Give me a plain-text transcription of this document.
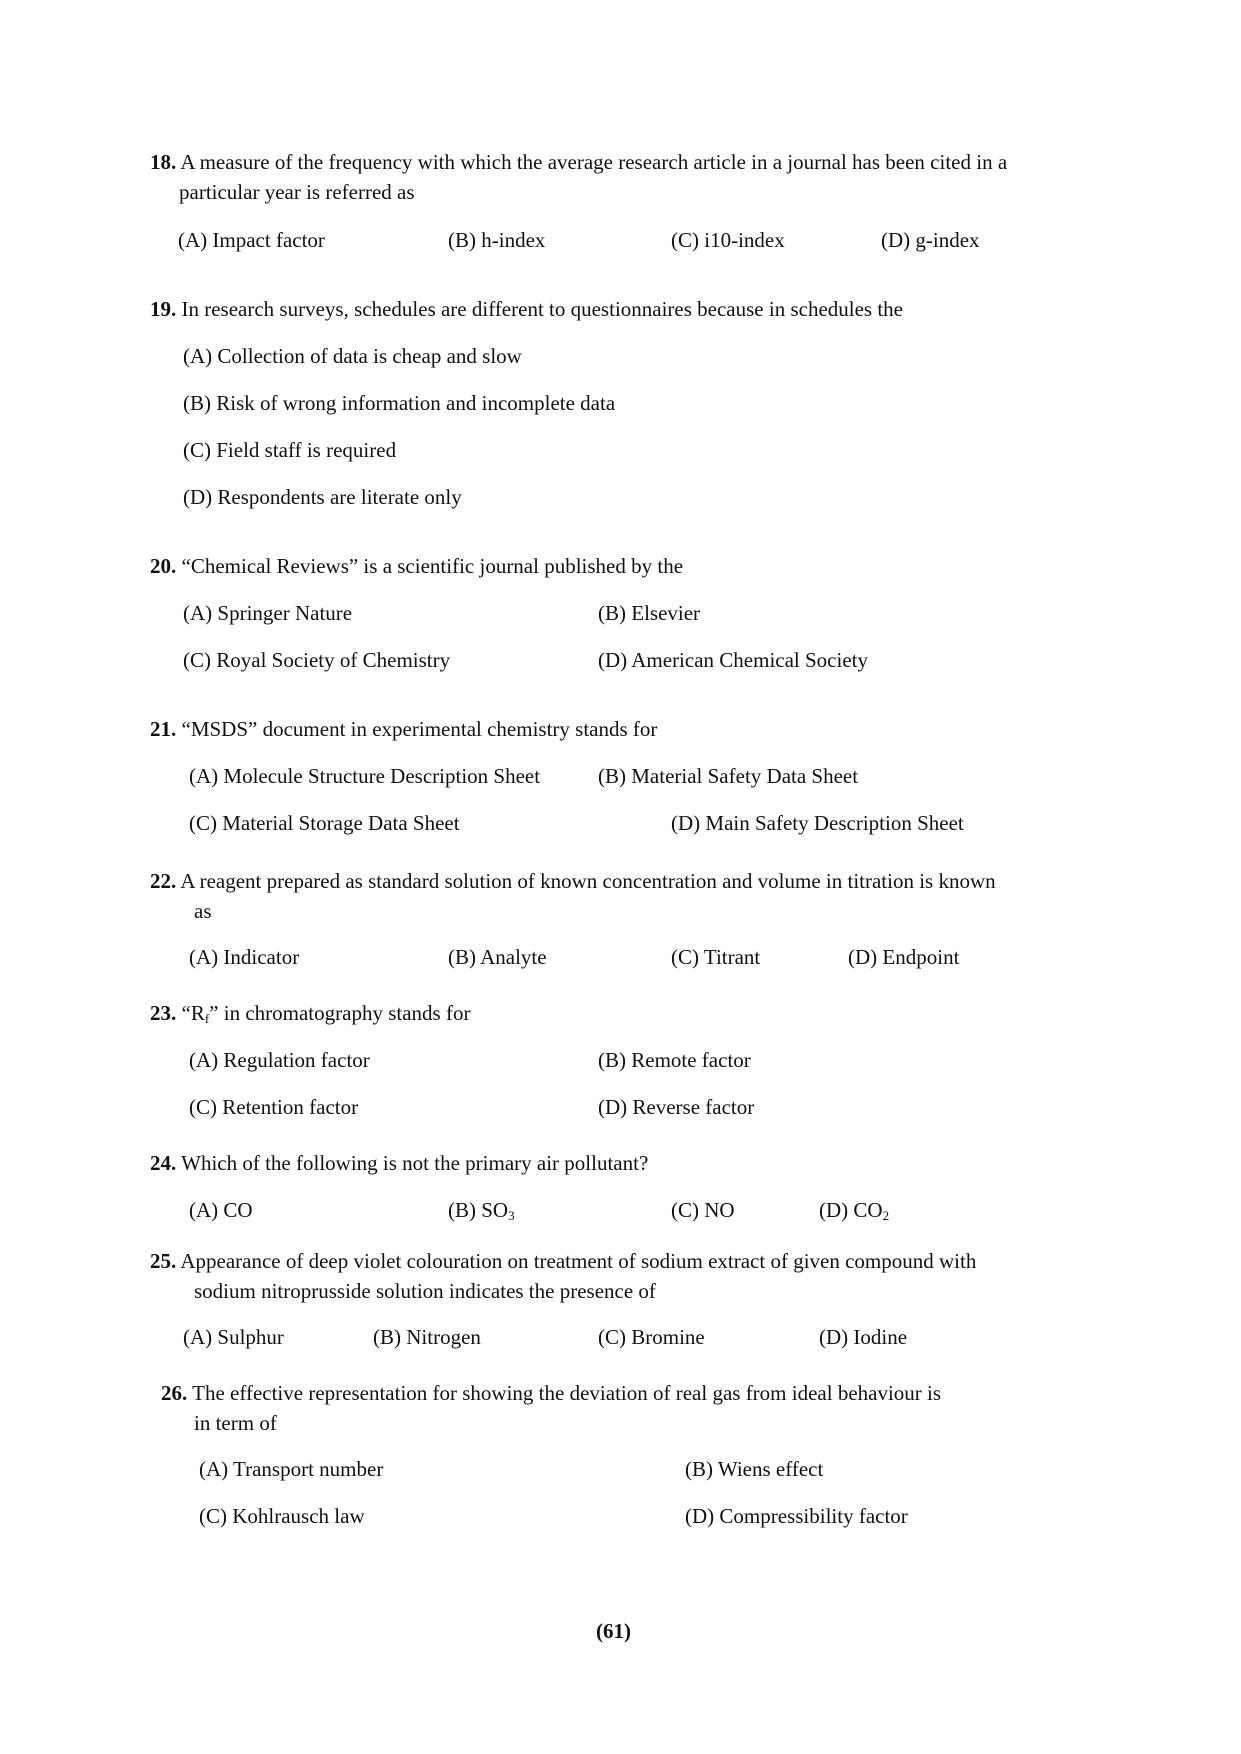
18. A measure of the frequency with which the average research article in a journal has been cited in a
particular year is referred as
(A) Impact factor	(B) h-index	(C) i10-index	(D) g-index
19. In research surveys, schedules are different to questionnaires because in schedules the
(A) Collection of data is cheap and slow
(B) Risk of wrong information and incomplete data
(C) Field staff is required
(D) Respondents are literate only
20. “Chemical Reviews” is a scientific journal published by the
(A) Springer Nature	(B) Elsevier
(C) Royal Society of Chemistry	(D) American Chemical Society
21. “MSDS” document in experimental chemistry stands for
(A) Molecule Structure Description Sheet	(B) Material Safety Data Sheet
(C) Material Storage Data Sheet	(D) Main Safety Description Sheet
22. A reagent prepared as standard solution of known concentration and volume in titration is known
as
(A) Indicator	(B) Analyte	(C) Titrant	(D) Endpoint
23. “$R_f$” in chromatography stands for
(A) Regulation factor	(B) Remote factor
(C) Retention factor	(D) Reverse factor
24. Which of the following is not the primary air pollutant?
(A) CO	(B) $SO_3$	(C) NO	(D) $CO_2$
25. Appearance of deep violet colouration on treatment of sodium extract of given compound with
sodium nitroprusside solution indicates the presence of
(A) Sulphur	(B) Nitrogen	(C) Bromine	(D) Iodine
26. The effective representation for showing the deviation of real gas from ideal behaviour is
in term of
(A) Transport number	(B) Wiens effect
(C) Kohlrausch law	(D) Compressibility factor
(61)
